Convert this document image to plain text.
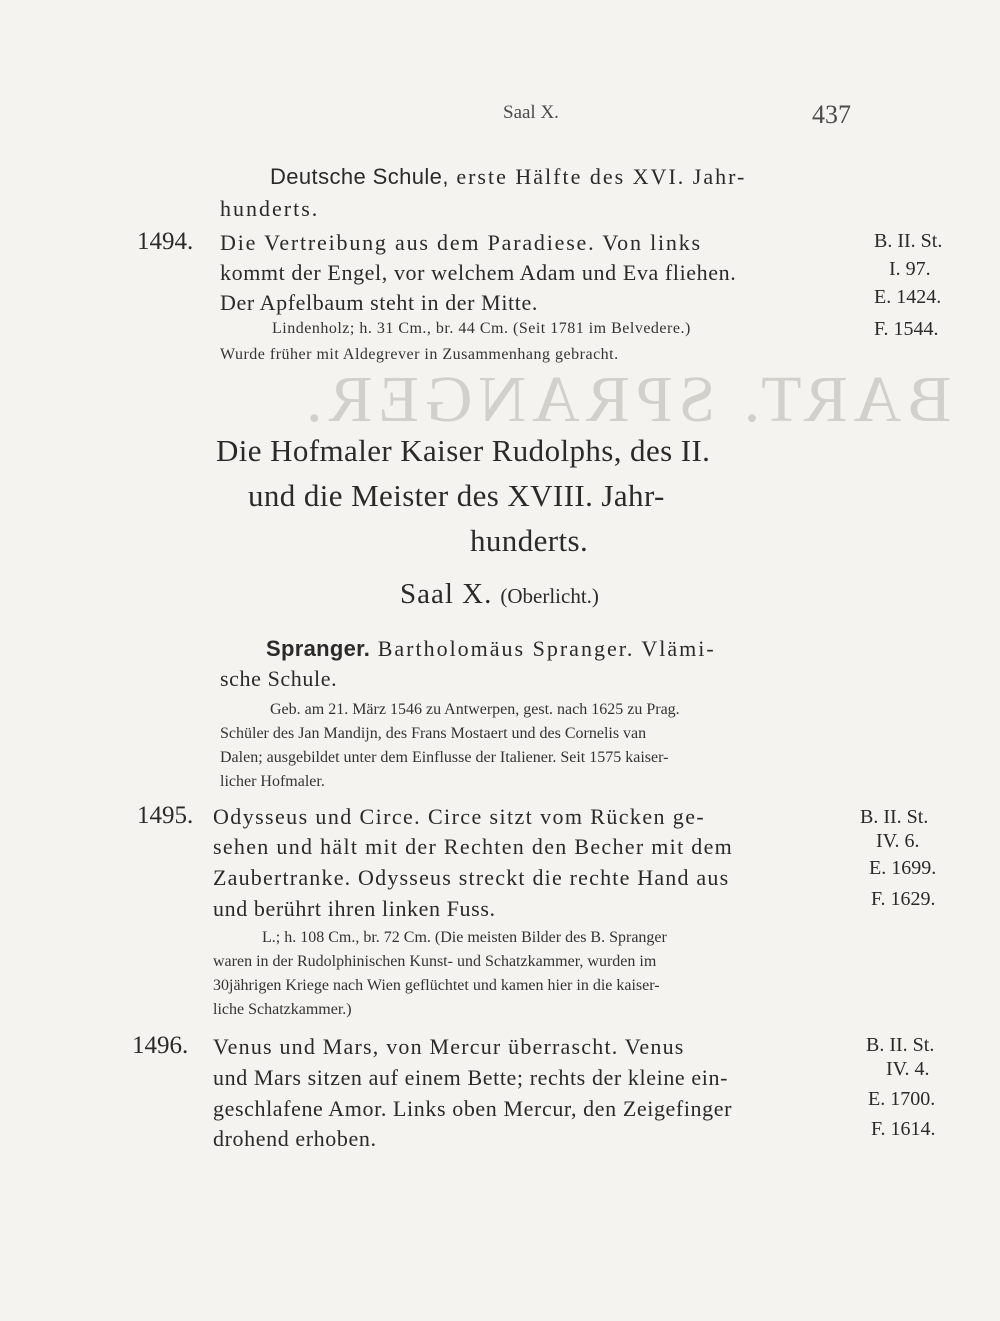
BART. SPRANGER.
Saal X.	437
Deutsche Schule, erste Hälfte des XVI. Jahr-
hunderts.
1494. Die Vertreibung aus dem Paradiese. Von links
kommt der Engel, vor welchem Adam und Eva fliehen.
Der Apfelbaum steht in der Mitte.
Lindenholz; h. 31 Cm., br. 44 Cm. (Seit 1781 im Belvedere.)
Wurde früher mit Aldegrever in Zusammenhang gebracht.
B. II. St.
I. 97.
E. 1424.
F. 1544.
Die Hofmaler Kaiser Rudolphs, des II.
und die Meister des XVIII. Jahr-
hunderts.
Saal X. (Oberlicht.)
Spranger. Bartholomäus Spranger. Vlämi-
sche Schule.
Geb. am 21. März 1546 zu Antwerpen, gest. nach 1625 zu Prag.
Schüler des Jan Mandijn, des Frans Mostaert und des Cornelis van
Dalen; ausgebildet unter dem Einflusse der Italiener. Seit 1575 kaiser-
licher Hofmaler.
1495. Odysseus und Circe. Circe sitzt vom Rücken ge-
sehen und hält mit der Rechten den Becher mit dem
Zaubertranke. Odysseus streckt die rechte Hand aus
und berührt ihren linken Fuss.
L.; h. 108 Cm., br. 72 Cm. (Die meisten Bilder des B. Spranger
waren in der Rudolphinischen Kunst- und Schatzkammer, wurden im
30jährigen Kriege nach Wien geflüchtet und kamen hier in die kaiser-
liche Schatzkammer.)
B. II. St.
IV. 6.
E. 1699.
F. 1629.
1496. Venus und Mars, von Mercur überrascht. Venus
und Mars sitzen auf einem Bette; rechts der kleine ein-
geschlafene Amor. Links oben Mercur, den Zeigefinger
drohend erhoben.
B. II. St.
IV. 4.
E. 1700.
F. 1614.
